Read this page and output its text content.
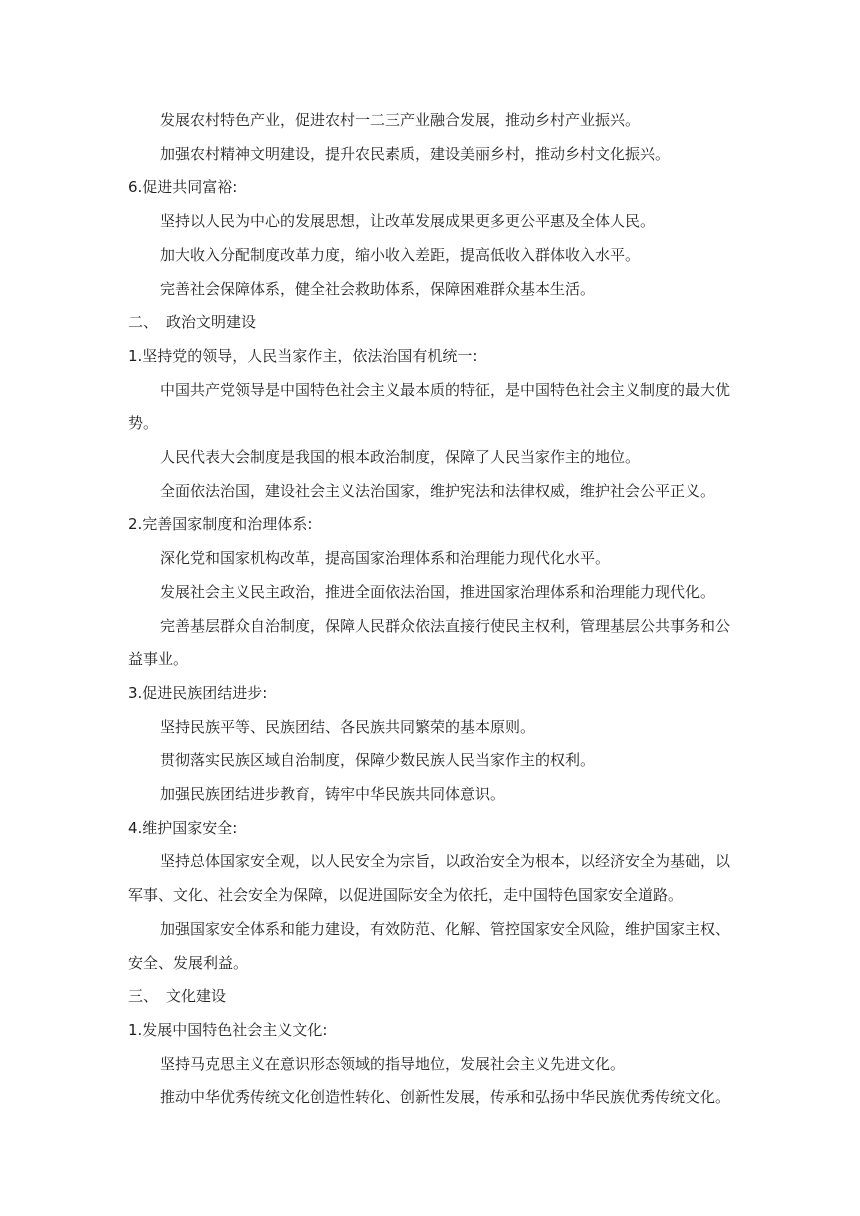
发展农村特色产业，促进农村一二三产业融合发展，推动乡村产业振兴。

加强农村精神文明建设，提升农民素质，建设美丽乡村，推动乡村文化振兴。

6.促进共同富裕:

坚持以人民为中心的发展思想，让改革发展成果更多更公平惠及全体人民。

加大收入分配制度改革力度，缩小收入差距，提高低收入群体收入水平。

完善社会保障体系，健全社会救助体系，保障困难群众基本生活。

二、 政治文明建设

1.坚持党的领导，人民当家作主，依法治国有机统一:

中国共产党领导是中国特色社会主义最本质的特征，是中国特色社会主义制度的最大优势。

人民代表大会制度是我国的根本政治制度，保障了人民当家作主的地位。

全面依法治国，建设社会主义法治国家，维护宪法和法律权威，维护社会公平正义。

2.完善国家制度和治理体系:

深化党和国家机构改革，提高国家治理体系和治理能力现代化水平。

发展社会主义民主政治，推进全面依法治国，推进国家治理体系和治理能力现代化。

完善基层群众自治制度，保障人民群众依法直接行使民主权利，管理基层公共事务和公益事业。

3.促进民族团结进步:

坚持民族平等、民族团结、各民族共同繁荣的基本原则。

贯彻落实民族区域自治制度，保障少数民族人民当家作主的权利。

加强民族团结进步教育，铸牢中华民族共同体意识。

4.维护国家安全:

坚持总体国家安全观，以人民安全为宗旨，以政治安全为根本，以经济安全为基础，以军事、文化、社会安全为保障，以促进国际安全为依托，走中国特色国家安全道路。

加强国家安全体系和能力建设，有效防范、化解、管控国家安全风险，维护国家主权、安全、发展利益。

三、 文化建设

1.发展中国特色社会主义文化:

坚持马克思主义在意识形态领域的指导地位，发展社会主义先进文化。

推动中华优秀传统文化创造性转化、创新性发展，传承和弘扬中华民族优秀传统文化。
